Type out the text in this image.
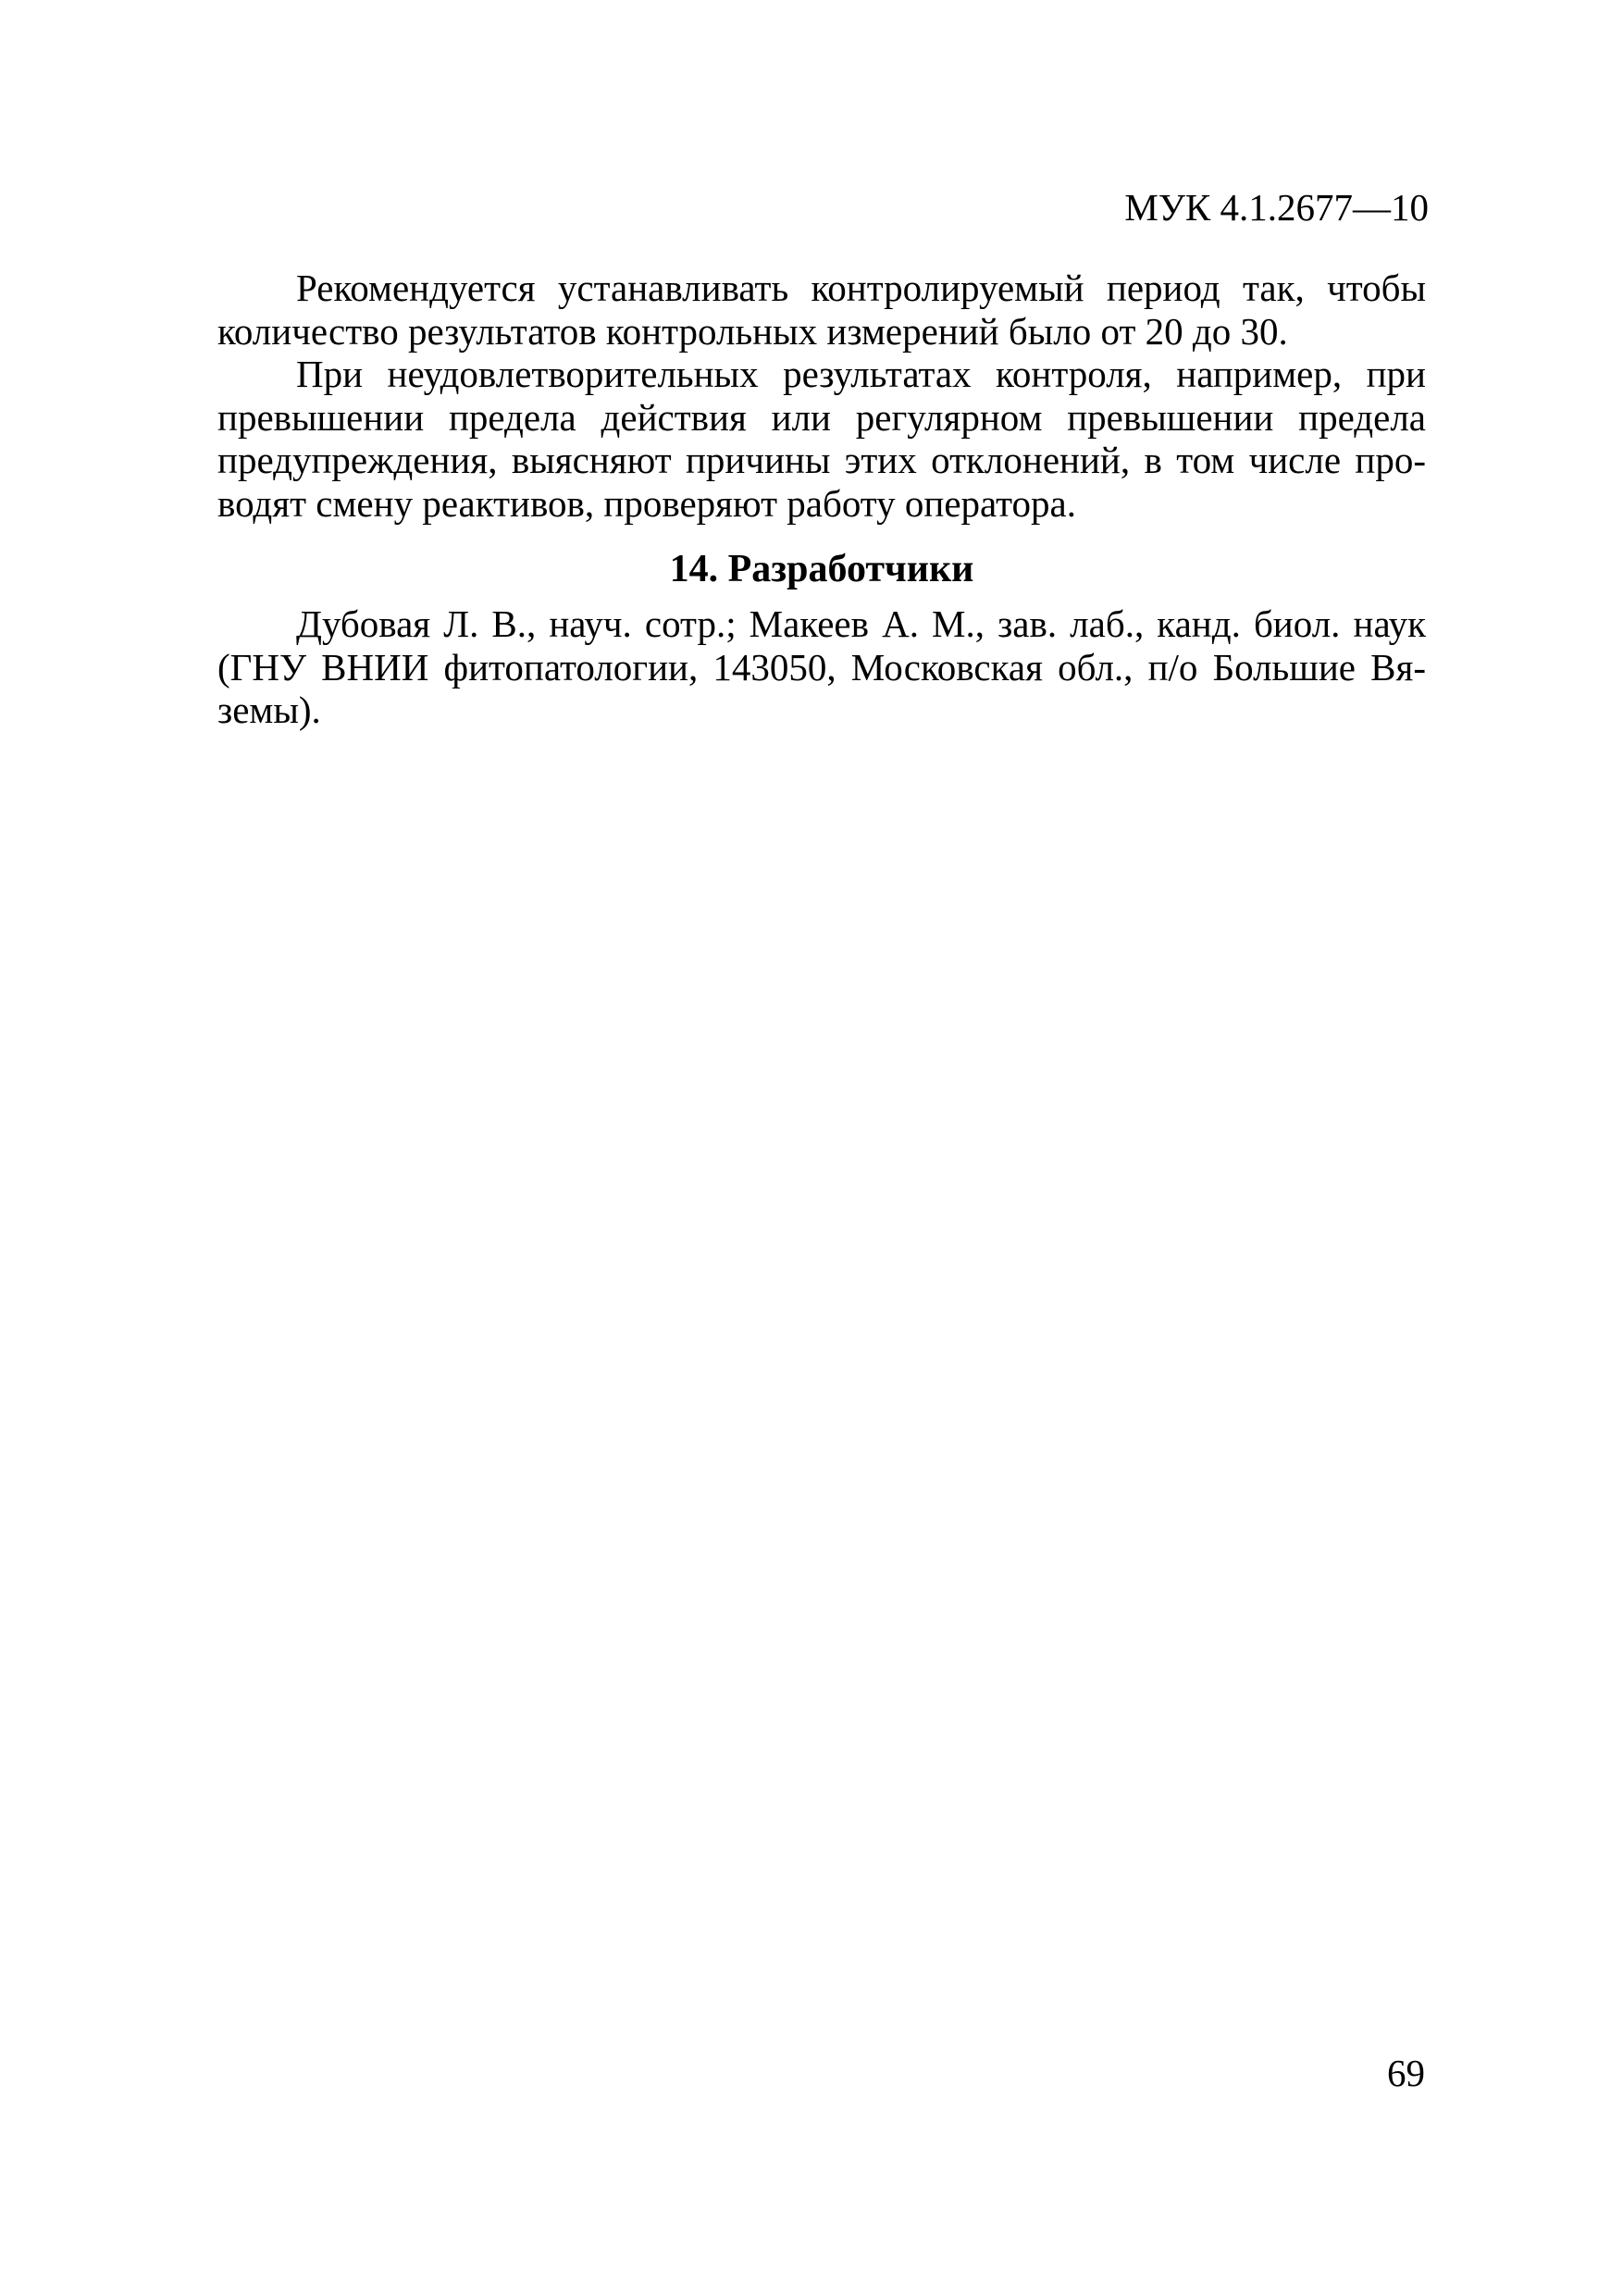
МУК 4.1.2677—10
Рекомендуется устанавливать контролируемый период так, чтобы
количество результатов контрольных измерений было от 20 до 30.
При неудовлетворительных результатах контроля, например, при
превышении предела действия или регулярном превышении предела
предупреждения, выясняют причины этих отклонений, в том числе про-
водят смену реактивов, проверяют работу оператора.
14. Разработчики
Дубовая Л. В., науч. сотр.; Макеев А. М., зав. лаб., канд. биол. наук
(ГНУ ВНИИ фитопатологии, 143050, Московская обл., п/о Большие Вя-
земы).
69
